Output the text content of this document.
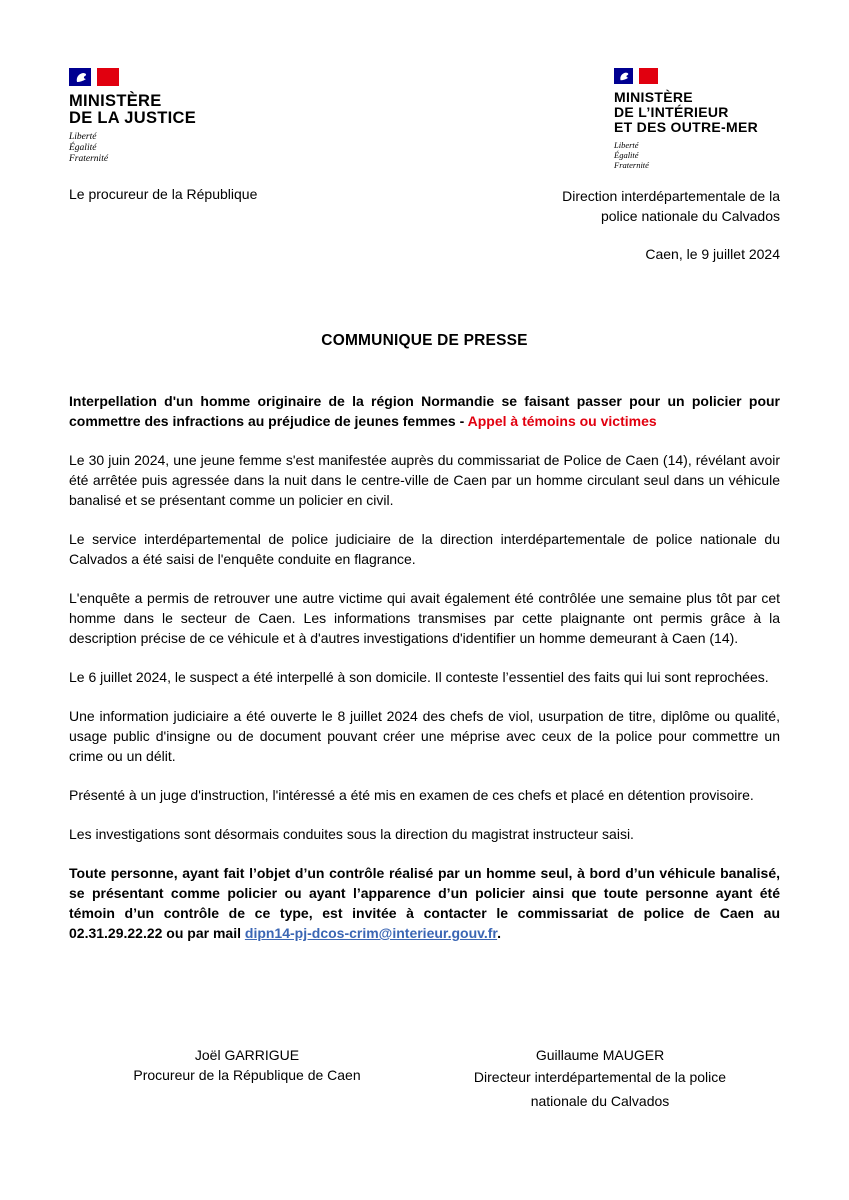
MINISTÈRE
DE LA JUSTICE
Liberté
Égalité
Fraternité
MINISTÈRE
DE L’INTÉRIEUR
ET DES OUTRE-MER
Liberté
Égalité
Fraternité
Le procureur de la République	Direction interdépartementale de la
police nationale du Calvados
Caen, le 9 juillet 2024
COMMUNIQUE DE PRESSE

Interpellation d'un homme originaire de la région Normandie se faisant passer pour un policier pour commettre des infractions au préjudice de jeunes femmes - Appel à témoins ou victimes

Le 30 juin 2024, une jeune femme s'est manifestée auprès du commissariat de Police de Caen (14), révélant avoir été arrêtée puis agressée dans la nuit dans le centre-ville de Caen par un homme circulant seul dans un véhicule banalisé et se présentant comme un policier en civil.

Le service interdépartemental de police judiciaire de la direction interdépartementale de police nationale du Calvados a été saisi de l'enquête conduite en flagrance.

L'enquête a permis de retrouver une autre victime qui avait également été contrôlée une semaine plus tôt par cet homme dans le secteur de Caen. Les informations transmises par cette plaignante ont permis grâce à la description précise de ce véhicule et à d'autres investigations d'identifier un homme demeurant à Caen (14).

Le 6 juillet 2024, le suspect a été interpellé à son domicile. Il conteste l’essentiel des faits qui lui sont reprochées.

Une information judiciaire a été ouverte le 8 juillet 2024 des chefs de viol, usurpation de titre, diplôme ou qualité, usage public d'insigne ou de document pouvant créer une méprise avec ceux de la police pour commettre un crime ou un délit.

Présenté à un juge d'instruction, l'intéressé a été mis en examen de ces chefs et placé en détention provisoire.

Les investigations sont désormais conduites sous la direction du magistrat instructeur saisi.

Toute personne, ayant fait l’objet d’un contrôle réalisé par un homme seul, à bord d’un véhicule banalisé, se présentant comme policier ou ayant l’apparence d’un policier ainsi que toute personne ayant été témoin d’un contrôle de ce type, est invitée à contacter le commissariat de police de Caen au 02.31.29.22.22 ou par mail dipn14-pj-dcos-crim@interieur.gouv.fr.

Joël GARRIGUE
Procureur de la République de Caen
Guillaume MAUGER
Directeur interdépartemental de la police
nationale du Calvados
